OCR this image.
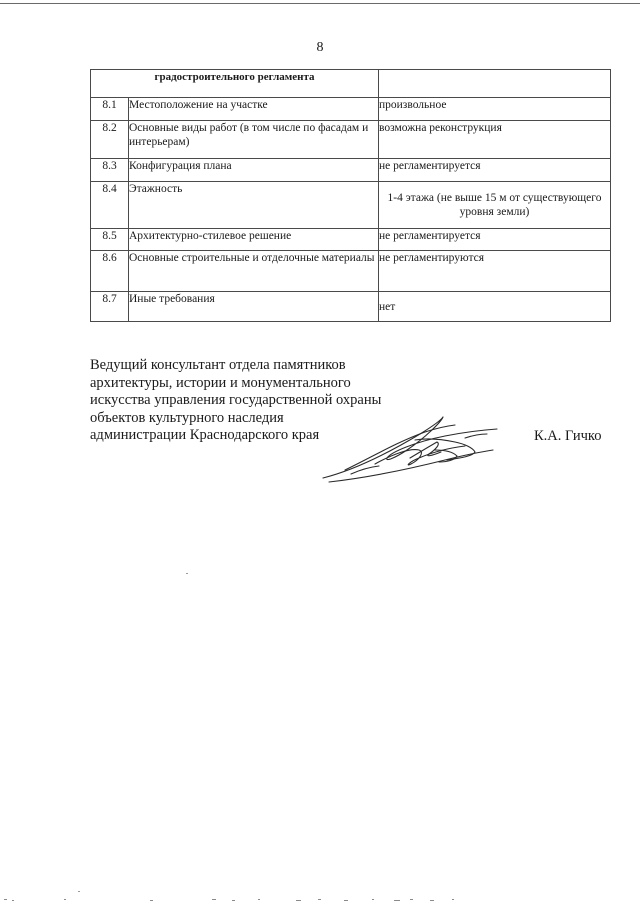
8
градостроительного регламента		
8.1	Местоположение на участке	произвольное
8.2	Основные виды работ (в том числе по фасадам и интерьерам)	возможна реконструкция
8.3	Конфигурация плана	не регламентируется
8.4	Этажность	1-4 этажа (не выше 15 м от существующего уровня земли)
8.5	Архитектурно-стилевое решение	не регламентируется
8.6	Основные строительные и отделочные материалы	не регламентируются
8.7	Иные требования	нет
Ведущий консультант отдела памятников
архитектуры, истории и монументального
искусства управления государственной охраны
объектов культурного наследия
администрации Краснодарского края	К.А. Гичко
